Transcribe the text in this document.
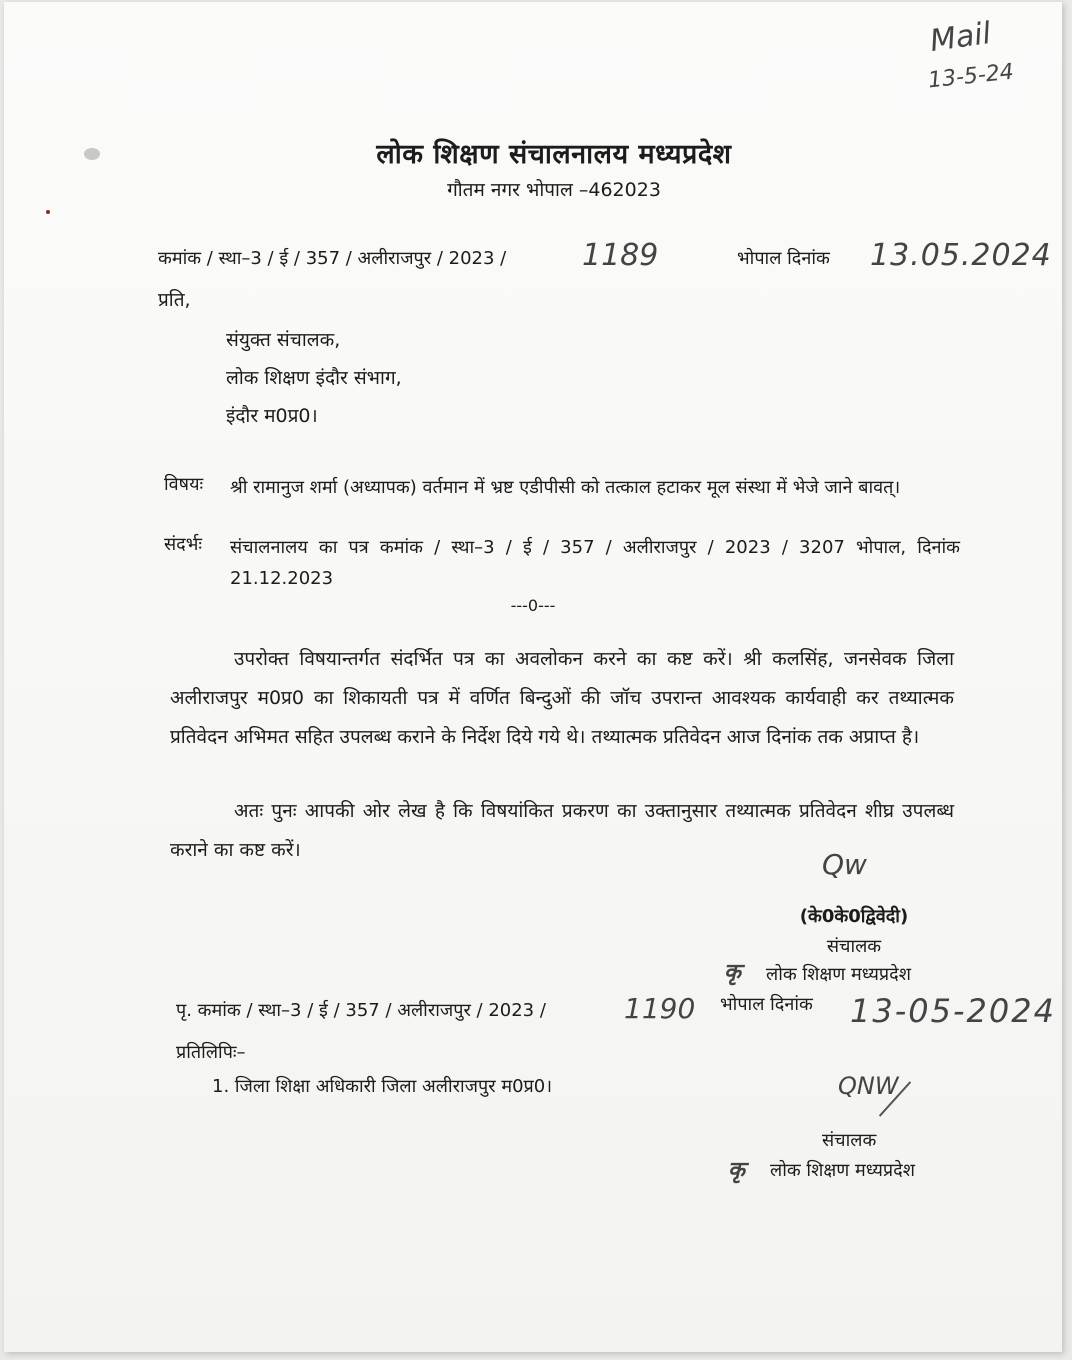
Mail
13-5-24
लोक शिक्षण संचालनालय मध्यप्रदेश
गौतम नगर भोपाल –462023
कमांक / स्था–3 / ई / 357 / अलीराजपुर / 2023 /	1189	भोपाल दिनांक 13.05.2024
प्रति,
संयुक्त संचालक,
लोक शिक्षण इंदौर संभाग,
इंदौर म0प्र0।
विषयः श्री रामानुज शर्मा (अध्यापक) वर्तमान में भ्रष्ट एडीपीसी को तत्काल हटाकर मूल संस्था में भेजे जाने बावत्।
संदर्भः संचालनालय का पत्र कमांक / स्था–3 / ई / 357 / अलीराजपुर / 2023 / 3207 भोपाल, दिनांक 21.12.2023
---0---
उपरोक्त विषयान्तर्गत संदर्भित पत्र का अवलोकन करने का कष्ट करें। श्री कलसिंह, जनसेवक जिला अलीराजपुर म0प्र0 का शिकायती पत्र में वर्णित बिन्दुओं की जॉच उपरान्त आवश्यक कार्यवाही कर तथ्यात्मक प्रतिवेदन अभिमत सहित उपलब्ध कराने के निर्देश दिये गये थे। तथ्यात्मक प्रतिवेदन आज दिनांक तक अप्राप्त है।
अतः पुनः आपकी ओर लेख है कि विषयांकित प्रकरण का उक्तानुसार तथ्यात्मक प्रतिवेदन शीघ्र उपलब्ध कराने का कष्ट करें।	Qw
(के0के0द्विवेदी)
संचालक
कृ लोक शिक्षण मध्यप्रदेश
पृ. कमांक / स्था–3 / ई / 357 / अलीराजपुर / 2023 /	1190 भोपाल दिनांक 13-05-2024
प्रतिलिपिः–
1. जिला शिक्षा अधिकारी जिला अलीराजपुर म0प्र0।	QNW
संचालक
कृ लोक शिक्षण मध्यप्रदेश
